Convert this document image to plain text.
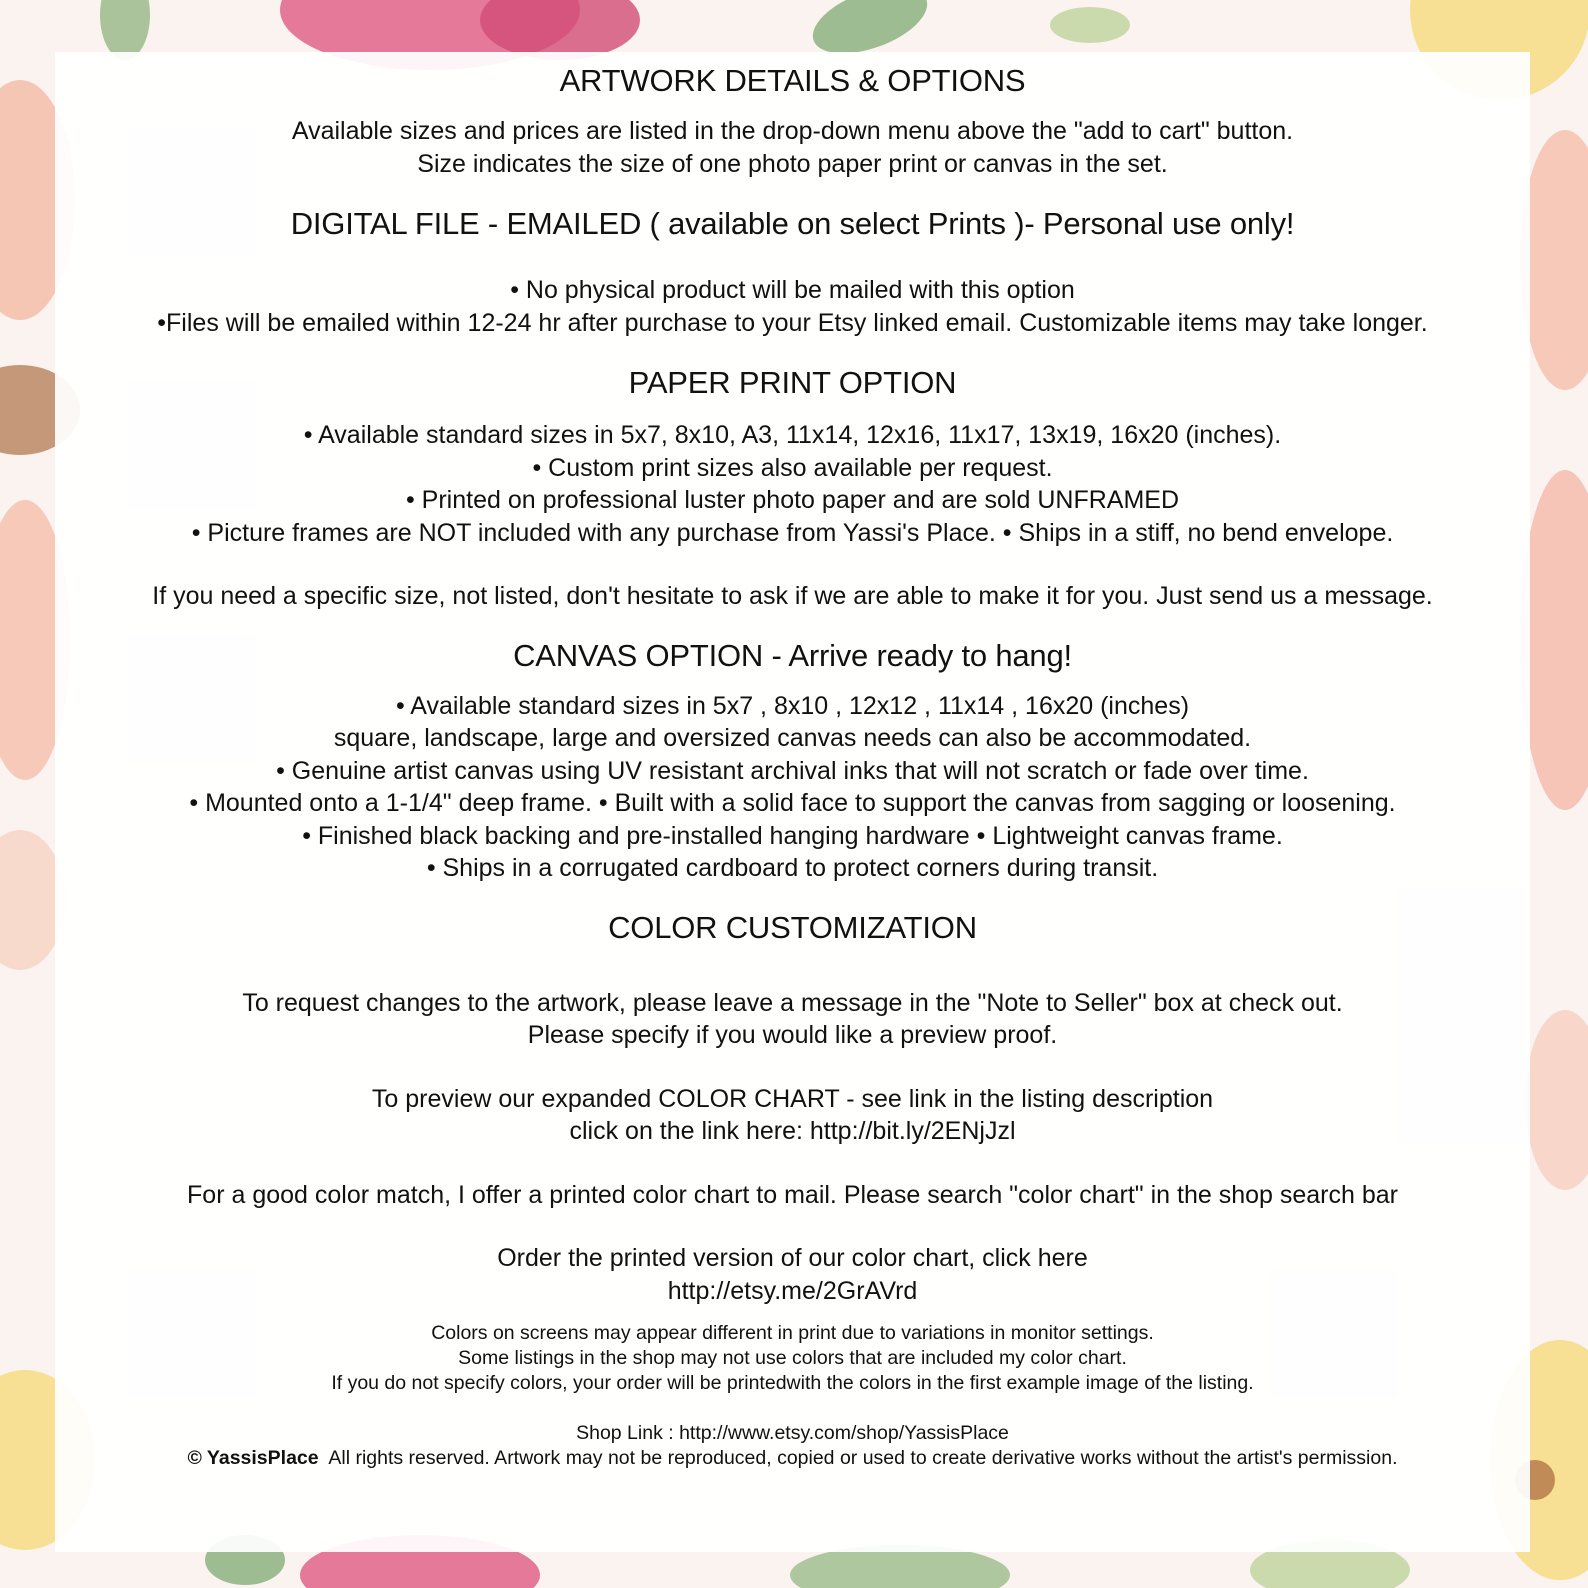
ARTWORK DETAILS & OPTIONS

Available sizes and prices are listed in the drop-down menu above the "add to cart" button.
Size indicates the size of one photo paper print or canvas in the set.

DIGITAL FILE - EMAILED ( available on select Prints )- Personal use only!

• No physical product will be mailed with this option
•Files will be emailed within 12-24 hr after purchase to your Etsy linked email. Customizable items may take longer.

PAPER PRINT OPTION

• Available standard sizes in 5x7, 8x10, A3, 11x14, 12x16, 11x17, 13x19, 16x20 (inches).
• Custom print sizes also available per request.
• Printed on professional luster photo paper and are sold UNFRAMED
• Picture frames are NOT included with any purchase from Yassi's Place. • Ships in a stiff, no bend envelope.

If you need a specific size, not listed, don't hesitate to ask if we are able to make it for you. Just send us a message.

CANVAS OPTION - Arrive ready to hang!

• Available standard sizes in 5x7 , 8x10 , 12x12 , 11x14 , 16x20 (inches)
square, landscape, large and oversized canvas needs can also be accommodated.
• Genuine artist canvas using UV resistant archival inks that will not scratch or fade over time.
• Mounted onto a 1-1/4" deep frame. • Built with a solid face to support the canvas from sagging or loosening.
• Finished black backing and pre-installed hanging hardware • Lightweight canvas frame.
• Ships in a corrugated cardboard to protect corners during transit.

COLOR CUSTOMIZATION

To request changes to the artwork, please leave a message in the "Note to Seller" box at check out.
Please specify if you would like a preview proof.

To preview our expanded COLOR CHART - see link in the listing description
click on the link here: http://bit.ly/2ENjJzl

For a good color match, I offer a printed color chart to mail. Please search "color chart" in the shop search bar

Order the printed version of our color chart, click here
http://etsy.me/2GrAVrd

Colors on screens may appear different in print due to variations in monitor settings.
Some listings in the shop may not use colors that are included my color chart.
If you do not specify colors, your order will be printedwith the colors in the first example image of the listing.

Shop Link : http://www.etsy.com/shop/YassisPlace
© YassisPlace  All rights reserved. Artwork may not be reproduced, copied or used to create derivative works without the artist's permission.
